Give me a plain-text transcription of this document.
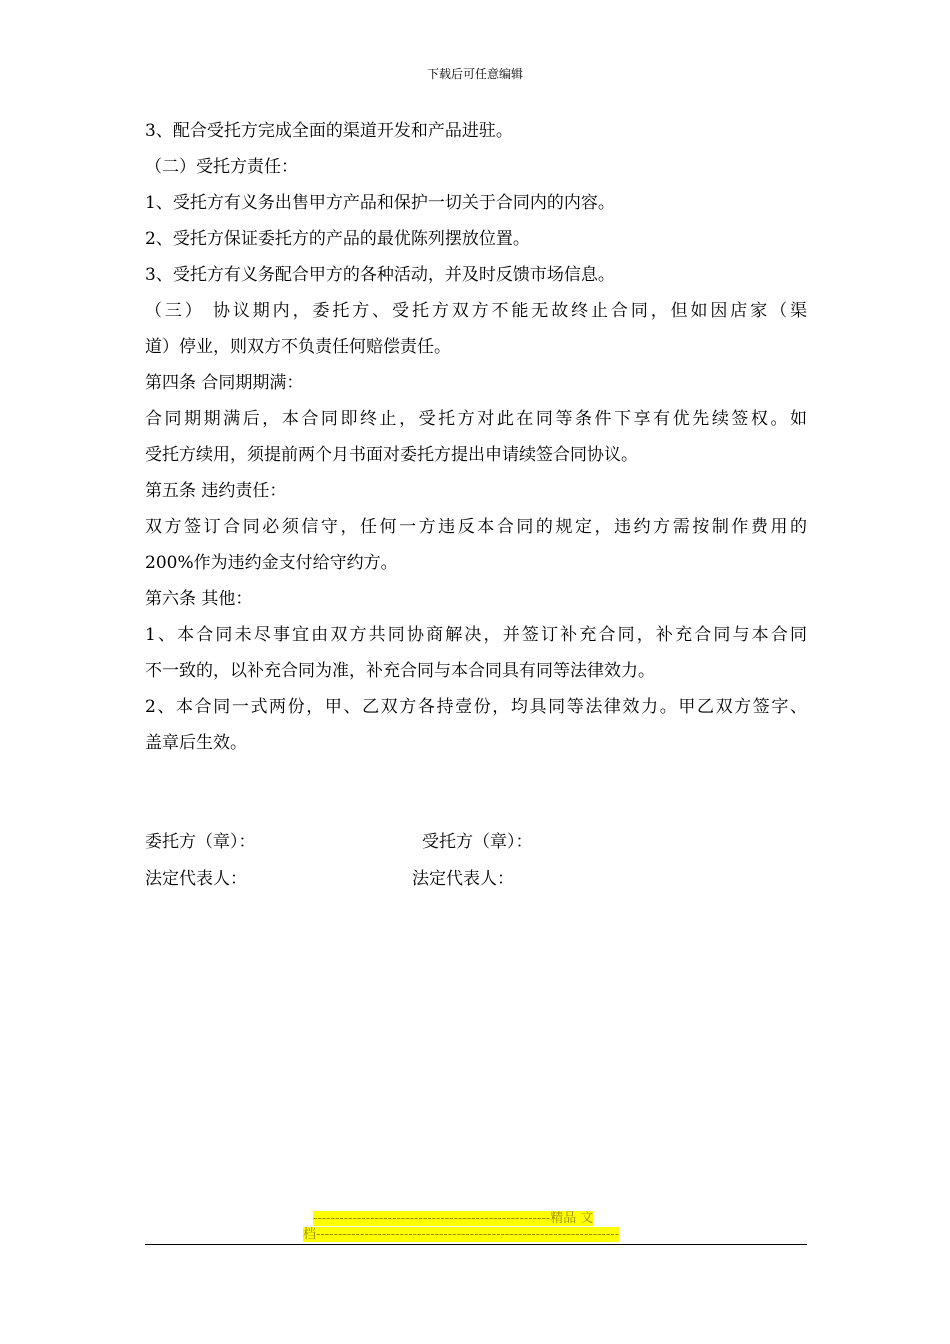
下载后可任意编辑

3、配合受托方完成全面的渠道开发和产品进驻。

（二）受托方责任：

1、受托方有义务出售甲方产品和保护一切关于合同内的内容。

2、受托方保证委托方的产品的最优陈列摆放位置。

3、受托方有义务配合甲方的各种活动，并及时反馈市场信息。

（三） 协议期内，委托方、受托方双方不能无故终止合同，但如因店家（渠

道）停业，则双方不负责任何赔偿责任。

第四条 合同期期满：

合同期期满后，本合同即终止，受托方对此在同等条件下享有优先续签权。如

受托方续用，须提前两个月书面对委托方提出申请续签合同协议。

第五条 违约责任：

双方签订合同必须信守，任何一方违反本合同的规定，违约方需按制作费用的

200%作为违约金支付给守约方。

第六条 其他：

1、本合同未尽事宜由双方共同协商解决，并签订补充合同，补充合同与本合同

不一致的，以补充合同为准，补充合同与本合同具有同等法律效力。

2、本合同一式两份，甲、乙双方各持壹份，均具同等法律效力。甲乙双方签字、

盖章后生效。

委托方（章）：	受托方（章）：
法定代表人：	法定代表人：
------------------------------------------------------精品 文
档---------------------------------------------------------------------
